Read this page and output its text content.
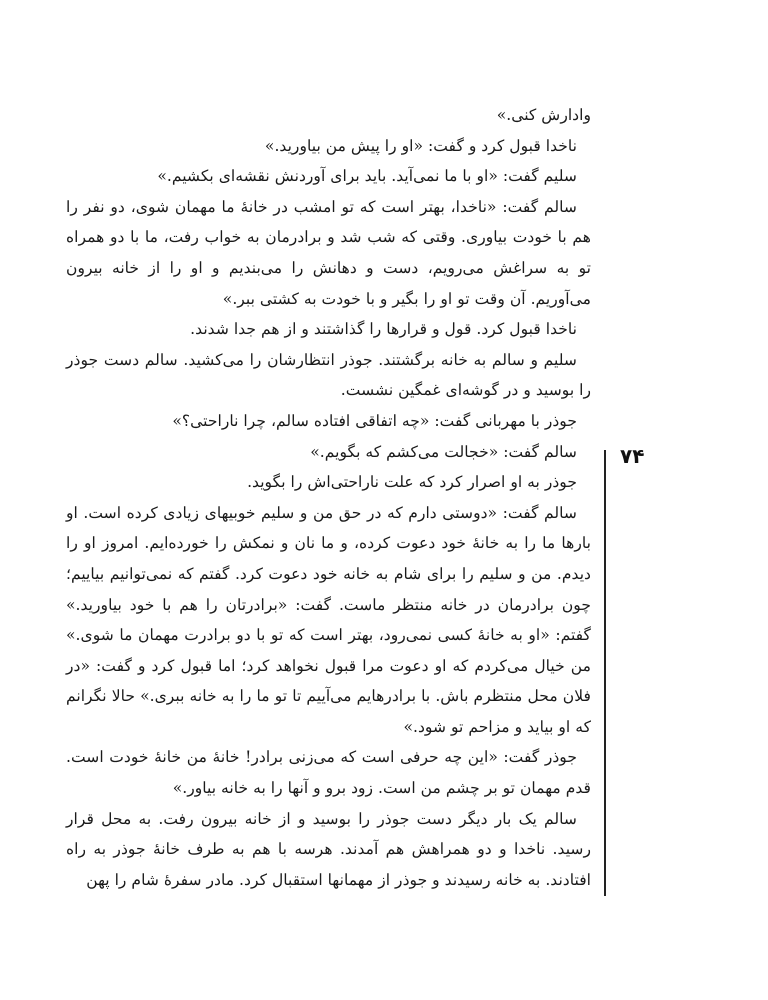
وادارش کنی.»

ناخدا قبول کرد و گفت: «او را پیش من بیاورید.»

سلیم گفت: «او با ما نمی‌آید. باید برای آوردنش نقشه‌ای بکشیم.»

سالم گفت: «ناخدا، بهتر است که تو امشب در خانهٔ ما مهمان شوی، دو نفر را هم با خودت بیاوری. وقتی که شب شد و برادرمان به خواب رفت، ما با دو همراه تو به سراغش می‌رویم، دست و دهانش را می‌بندیم و او را از خانه بیرون می‌آوریم. آن وقت تو او را بگیر و با خودت به کشتی ببر.»

ناخدا قبول کرد. قول و قرارها را گذاشتند و از هم جدا شدند.

سلیم و سالم به خانه برگشتند. جوذر انتظارشان را می‌کشید. سالم دست جوذر را بوسید و در گوشه‌ای غمگین نشست.

جوذر با مهربانی گفت: «چه اتفاقی افتاده سالم، چرا ناراحتی؟»

سالم گفت: «خجالت می‌کشم که بگویم.»

جوذر به او اصرار کرد که علت ناراحتی‌اش را بگوید.

سالم گفت: «دوستی دارم که در حق من و سلیم خوبیهای زیادی کرده است. او بارها ما را به خانهٔ خود دعوت کرده، و ما نان و نمکش را خورده‌ایم. امروز او را دیدم. من و سلیم را برای شام به خانه خود دعوت کرد. گفتم که نمی‌توانیم بیاییم؛ چون برادرمان در خانه منتظر ماست. گفت: «برادرتان را هم با خود بیاورید.» گفتم: «او به خانهٔ کسی نمی‌رود، بهتر است که تو با دو برادرت مهمان ما شوی.» من خیال می‌کردم که او دعوت مرا قبول نخواهد کرد؛ اما قبول کرد و گفت: «در فلان محل منتظرم باش. با برادرهایم می‌آییم تا تو ما را به خانه ببری.» حالا نگرانم که او بیاید و مزاحم تو شود.»

جوذر گفت: «این چه حرفی است که می‌زنی برادر! خانهٔ من خانهٔ خودت است. قدم مهمان تو بر چشم من است. زود برو و آنها را به خانه بیاور.»

سالم یک بار دیگر دست جوذر را بوسید و از خانه بیرون رفت. به محل قرار رسید. ناخدا و دو همراهش هم آمدند. هرسه با هم به طرف خانهٔ جوذر به راه افتادند. به خانه رسیدند و جوذر از مهمانها استقبال کرد. مادر سفرهٔ شام را پهن

۷۴
